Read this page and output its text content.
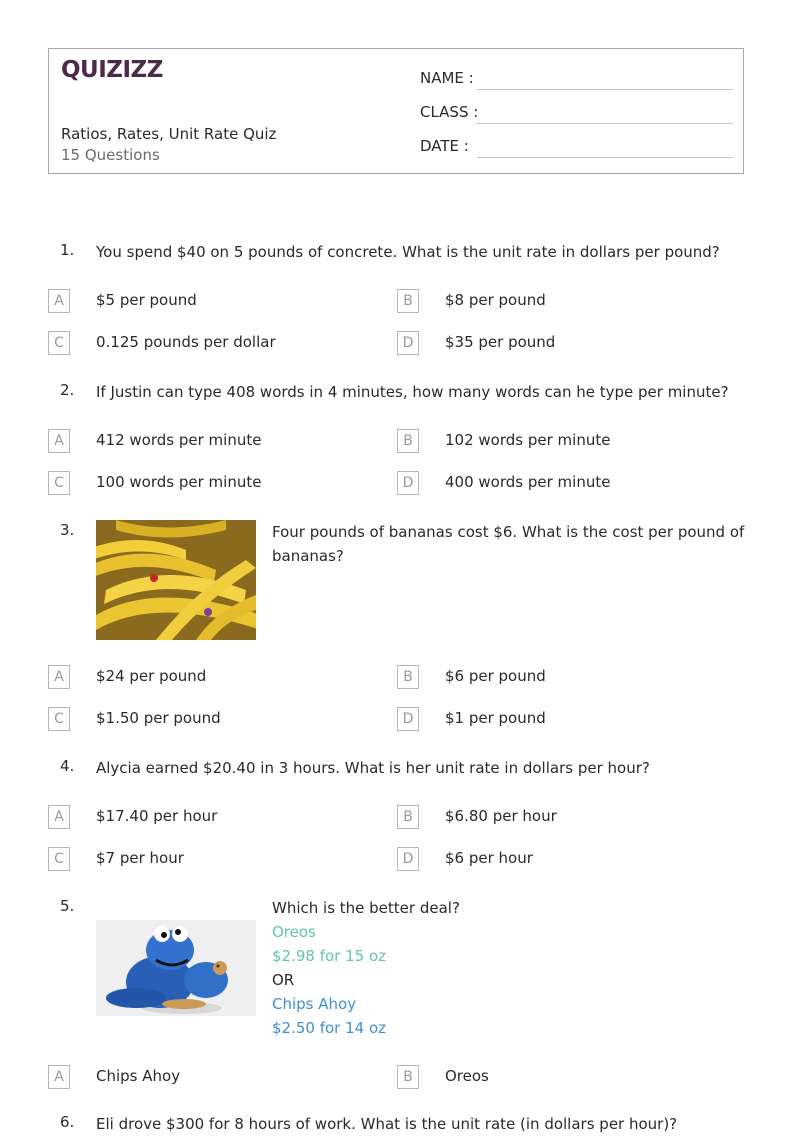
QUIZIZZ
Ratios, Rates, Unit Rate Quiz
15 Questions
NAME :
CLASS :
DATE :
1. You spend $40 on 5 pounds of concrete. What is the unit rate in dollars per pound?
A	$5 per pound	B	$8 per pound
C	0.125 pounds per dollar	D	$35 per pound
2. If Justin can type 408 words in 4 minutes, how many words can he type per minute?
A	412 words per minute	B	102 words per minute
C	100 words per minute	D	400 words per minute
3.	Four pounds of bananas cost $6. What is the cost per pound of
bananas?
A	$24 per pound	B	$6 per pound
C	$1.50 per pound	D	$1 per pound
4. Alycia earned $20.40 in 3 hours. What is her unit rate in dollars per hour?
A	$17.40 per hour	B	$6.80 per hour
C	$7 per hour	D	$6 per hour
5.	Which is the better deal?
Oreos
$2.98 for 15 oz
OR
Chips Ahoy
$2.50 for 14 oz
A	Chips Ahoy	B	Oreos
6. Eli drove $300 for 8 hours of work. What is the unit rate (in dollars per hour)?
